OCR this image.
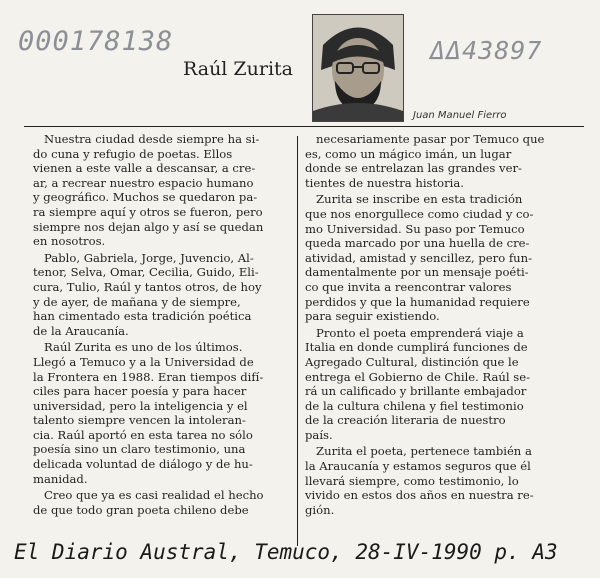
000178138	ΔΔ43897
Raúl Zurita
Juan Manuel Fierro

Nuestra ciudad desde siempre ha si-
do cuna y refugio de poetas. Ellos
vienen a este valle a descansar, a cre-
ar, a recrear nuestro espacio humano
y geográfico. Muchos se quedaron pa-
ra siempre aquí y otros se fueron, pero
siempre nos dejan algo y así se quedan
en nosotros.

Pablo, Gabriela, Jorge, Juvencio, Al-
tenor, Selva, Omar, Cecilia, Guido, Eli-
cura, Tulio, Raúl y tantos otros, de hoy
y de ayer, de mañana y de siempre,
han cimentado esta tradición poética
de la Araucanía.

Raúl Zurita es uno de los últimos.
Llegó a Temuco y a la Universidad de
la Frontera en 1988. Eran tiempos difí-
ciles para hacer poesía y para hacer
universidad, pero la inteligencia y el
talento siempre vencen la intoleran-
cia. Raúl aportó en esta tarea no sólo
poesía sino un claro testimonio, una
delicada voluntad de diálogo y de hu-
manidad.

Creo que ya es casi realidad el hecho
de que todo gran poeta chileno debe

necesariamente pasar por Temuco que
es, como un mágico imán, un lugar
donde se entrelazan las grandes ver-
tientes de nuestra historia.

Zurita se inscribe en esta tradición
que nos enorgullece como ciudad y co-
mo Universidad. Su paso por Temuco
queda marcado por una huella de cre-
atividad, amistad y sencillez, pero fun-
damentalmente por un mensaje poéti-
co que invita a reencontrar valores
perdidos y que la humanidad requiere
para seguir existiendo.

Pronto el poeta emprenderá viaje a
Italia en donde cumplirá funciones de
Agregado Cultural, distinción que le
entrega el Gobierno de Chile. Raúl se-
rá un calificado y brillante embajador
de la cultura chilena y fiel testimonio
de la creación literaria de nuestro
país.

Zurita el poeta, pertenece también a
la Araucanía y estamos seguros que él
llevará siempre, como testimonio, lo
vivido en estos dos años en nuestra re-
gión.

El Diario Austral, Temuco, 28-IV-1990 p. A3
